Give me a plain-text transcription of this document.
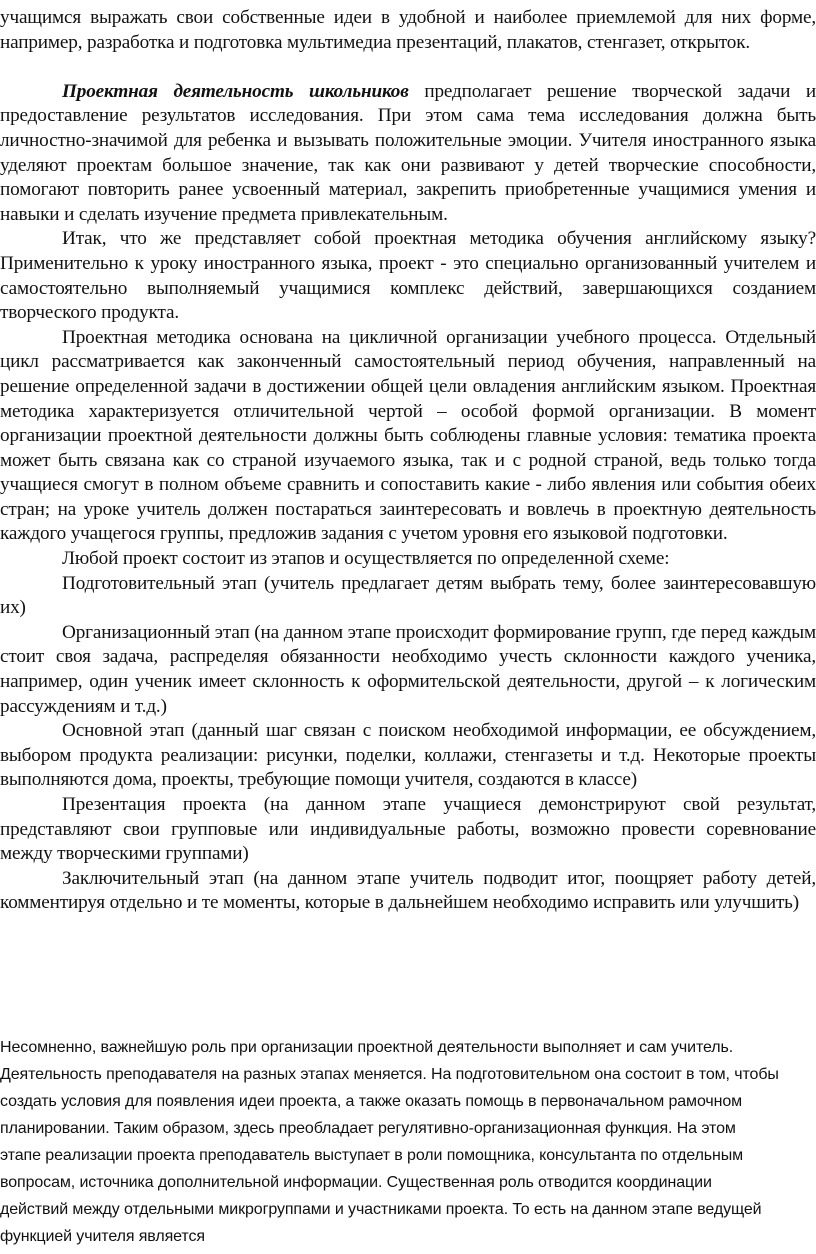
учащимся выражать свои собственные идеи в удобной и наиболее приемлемой для них форме, например, разработка и подготовка мультимедиа презентаций, плакатов, стенгазет, открыток.

Проектная деятельность школьников предполагает решение творческой задачи и предоставление результатов исследования. При этом сама тема исследования должна быть личностно-значимой для ребенка и вызывать положительные эмоции. Учителя иностранного языка уделяют проектам большое значение, так как они развивают у детей творческие способности, помогают повторить ранее усвоенный материал, закрепить приобретенные учащимися умения и навыки и сделать изучение предмета привлекательным.

Итак, что же представляет собой проектная методика обучения английскому языку? Применительно к уроку иностранного языка, проект - это специально организованный учителем и самостоятельно выполняемый учащимися комплекс действий, завершающихся созданием творческого продукта.

Проектная методика основана на цикличной организации учебного процесса. Отдельный цикл рассматривается как законченный самостоятельный период обучения, направленный на решение определенной задачи в достижении общей цели овладения английским языком. Проектная методика характеризуется отличительной чертой – особой формой организации. В момент организации проектной деятельности должны быть соблюдены главные условия: тематика проекта может быть связана как со страной изучаемого языка, так и с родной страной, ведь только тогда учащиеся смогут в полном объеме сравнить и сопоставить какие - либо явления или события обеих стран; на уроке учитель должен постараться заинтересовать и вовлечь в проектную деятельность каждого учащегося группы, предложив задания с учетом уровня его языковой подготовки.

Любой проект состоит из этапов и осуществляется по определенной схеме:

Подготовительный этап (учитель предлагает детям выбрать тему, более заинтересовавшую их)

Организационный этап (на данном этапе происходит формирование групп, где перед каждым стоит своя задача, распределяя обязанности необходимо учесть склонности каждого ученика, например, один ученик имеет склонность к оформительской деятельности, другой – к логическим рассуждениям и т.д.)

Основной этап (данный шаг связан с поиском необходимой информации, ее обсуждением, выбором продукта реализации: рисунки, поделки, коллажи, стенгазеты и т.д. Некоторые проекты выполняются дома, проекты, требующие помощи учителя, создаются в классе)

Презентация проекта (на данном этапе учащиеся демонстрируют свой результат, представляют свои групповые или индивидуальные работы, возможно провести соревнование между творческими группами)

Заключительный этап (на данном этапе учитель подводит итог, поощряет работу детей, комментируя отдельно и те моменты, которые в дальнейшем необходимо исправить или улучшить)

Несомненно, важнейшую роль при организации проектной деятельности выполняет и сам учитель. Деятельность преподавателя на разных этапах меняется. На подготовительном она состоит в том, чтобы создать условия для появления идеи проекта, а также оказать помощь в первоначальном рамочном планировании. Таким образом, здесь преобладает регулятивно-организационная функция. На этом этапе реализации проекта преподаватель выступает в роли помощника, консультанта по отдельным вопросам, источника дополнительной информации. Существенная роль отводится координации действий между отдельными микрогруппами и участниками проекта. То есть на данном этапе ведущей функцией учителя является
